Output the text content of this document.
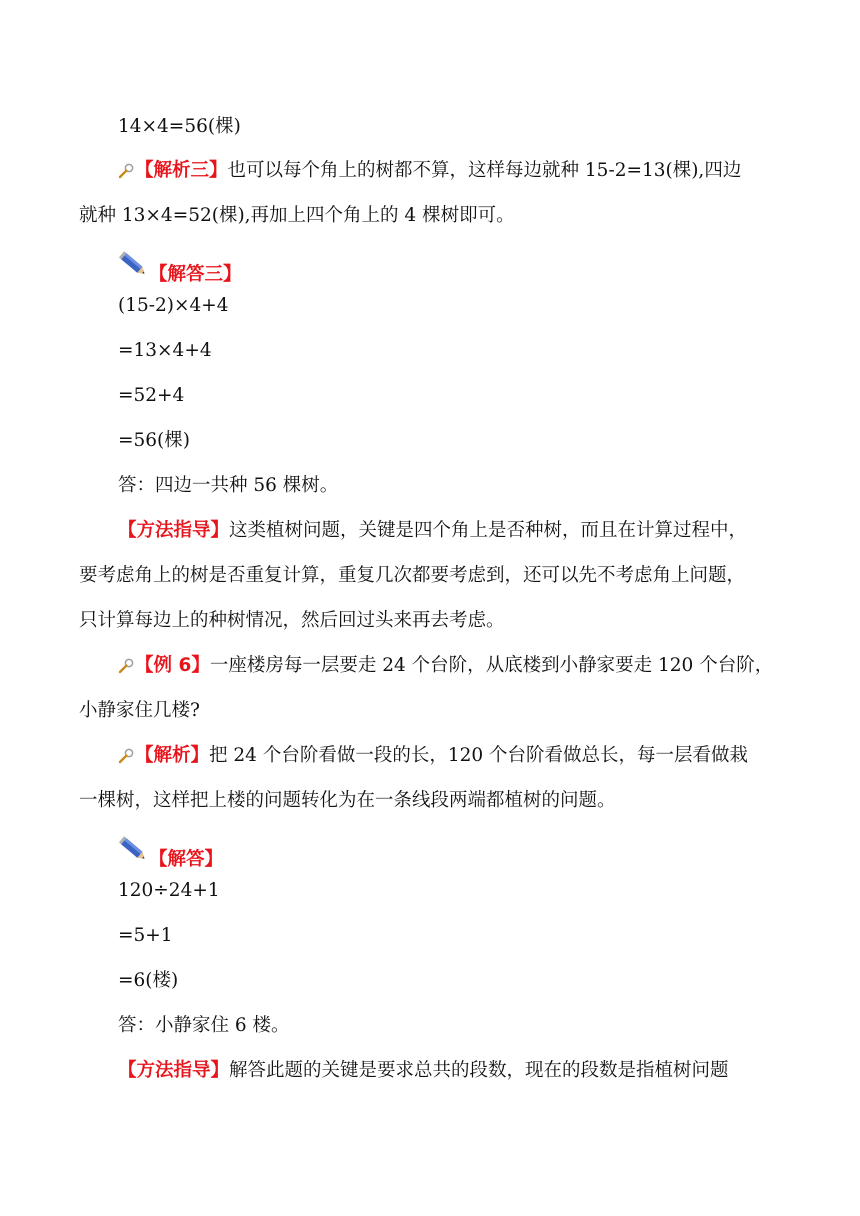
14×4=56(棵)
【解析三】也可以每个角上的树都不算，这样每边就种 15-2=13(棵),四边
就种 13×4=52(棵),再加上四个角上的 4 棵树即可。
【解答三】
(15-2)×4+4
=13×4+4
=52+4
=56(棵)
答：四边一共种 56 棵树。
【方法指导】这类植树问题，关键是四个角上是否种树，而且在计算过程中，
要考虑角上的树是否重复计算，重复几次都要考虑到，还可以先不考虑角上问题，
只计算每边上的种树情况，然后回过头来再去考虑。
【例 6】一座楼房每一层要走 24 个台阶，从底楼到小静家要走 120 个台阶，
小静家住几楼?
【解析】把 24 个台阶看做一段的长，120 个台阶看做总长，每一层看做栽
一棵树，这样把上楼的问题转化为在一条线段两端都植树的问题。
【解答】
120÷24+1
=5+1
=6(楼)
答：小静家住 6 楼。
【方法指导】解答此题的关键是要求总共的段数，现在的段数是指植树问题
